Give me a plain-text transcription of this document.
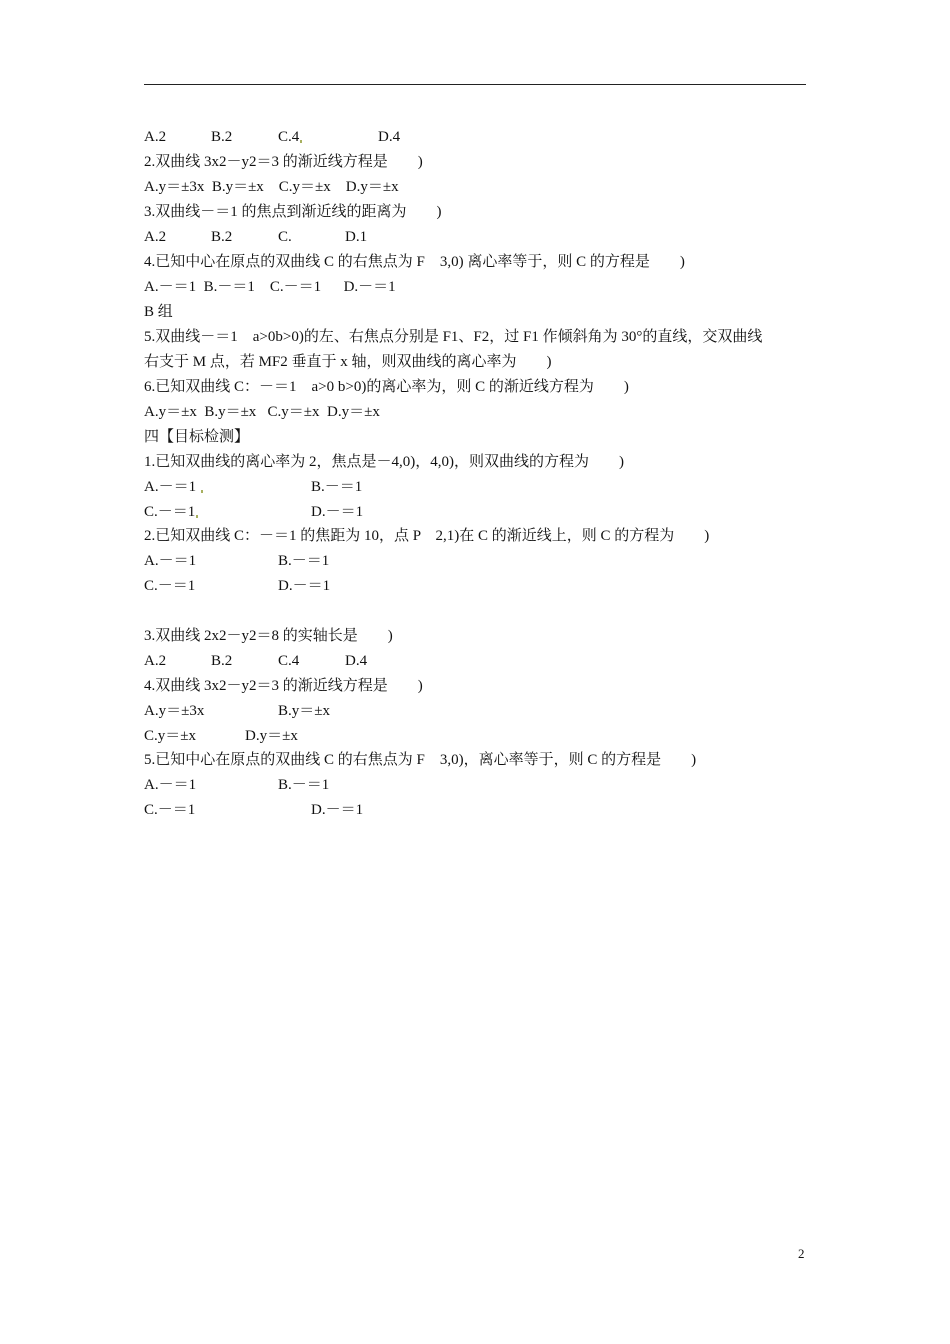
A.2	B.2	C.4	D.4
2.双曲线 3x2－y2＝3 的渐近线方程是　　)
A.y＝±3x  B.y＝±x    C.y＝±x    D.y＝±x
3.双曲线－＝1 的焦点到渐近线的距离为　　)
A.2	B.2	C.	D.1
4.已知中心在原点的双曲线 C 的右焦点为 F　3,0) 离心率等于，则 C 的方程是　　)
A.－＝1  B.－＝1    C.－＝1      D.－＝1
B 组
5.双曲线－＝1　a>0b>0)的左、右焦点分别是 F1、F2，过 F1 作倾斜角为 30°的直线，交双曲线
右支于 M 点，若 MF2 垂直于 x 轴，则双曲线的离心率为　　)
6.已知双曲线 C：－＝1　a>0 b>0)的离心率为，则 C 的渐近线方程为　　)
A.y＝±x  B.y＝±x   C.y＝±x  D.y＝±x
四【目标检测】
1.已知双曲线的离心率为 2，焦点是－4,0)，4,0)，则双曲线的方程为　　)
A.－＝1	B.－＝1
C.－＝1	D.－＝1
2.已知双曲线 C：－＝1 的焦距为 10，点 P　2,1)在 C 的渐近线上，则 C 的方程为　　)
A.－＝1	B.－＝1
C.－＝1	D.－＝1
3.双曲线 2x2－y2＝8 的实轴长是　　)
A.2	B.2	C.4	D.4
4.双曲线 3x2－y2＝3 的渐近线方程是　　)
A.y＝±3x	B.y＝±x
C.y＝±x	D.y＝±x
5.已知中心在原点的双曲线 C 的右焦点为 F　3,0)，离心率等于，则 C 的方程是　　)
A.－＝1	B.－＝1
C.－＝1	D.－＝1
2
